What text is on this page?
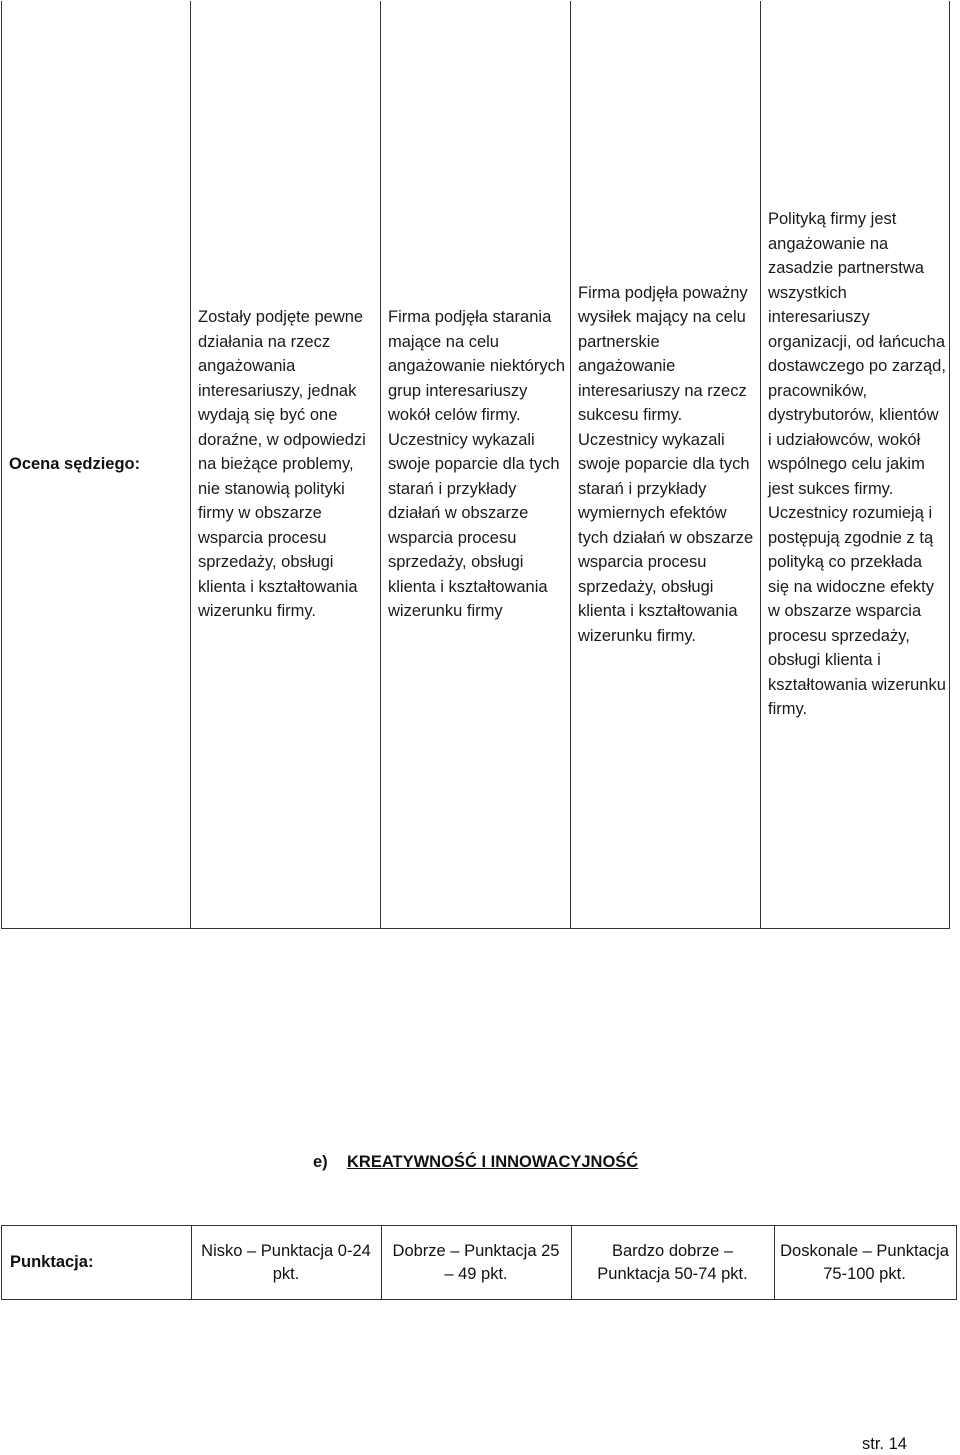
Ocena sędziego:
Zostały podjęte pewne działania na rzecz angażowania interesariuszy, jednak wydają się być one doraźne, w odpowiedzi na bieżące problemy, nie stanowią polityki firmy w obszarze wsparcia procesu sprzedaży, obsługi klienta i kształtowania wizerunku firmy.
Firma podjęła starania mające na celu angażowanie niektórych grup interesariuszy wokół celów firmy. Uczestnicy wykazali swoje poparcie dla tych starań i przykłady działań w obszarze wsparcia procesu sprzedaży, obsługi klienta i kształtowania wizerunku firmy
Firma podjęła poważny wysiłek mający na celu partnerskie angażowanie interesariuszy na rzecz sukcesu firmy. Uczestnicy wykazali swoje poparcie dla tych starań i przykłady wymiernych efektów tych działań w obszarze wsparcia procesu sprzedaży, obsługi klienta i kształtowania wizerunku firmy.
Polityką firmy jest angażowanie na zasadzie partnerstwa wszystkich interesariuszy organizacji, od łańcucha dostawczego po zarząd, pracowników, dystrybutorów, klientów i udziałowców, wokół wspólnego celu jakim jest sukces firmy. Uczestnicy rozumieją i postępują zgodnie z tą polityką co przekłada się na widoczne efekty w obszarze wsparcia procesu sprzedaży, obsługi klienta i kształtowania wizerunku firmy.
e) KREATYWNOŚĆ I INNOWACYJNOŚĆ
Punktacja:
Nisko – Punktacja 0-24 pkt.
Dobrze – Punktacja 25 – 49 pkt.
Bardzo dobrze – Punktacja 50-74 pkt.
Doskonale – Punktacja 75-100 pkt.
str. 14
